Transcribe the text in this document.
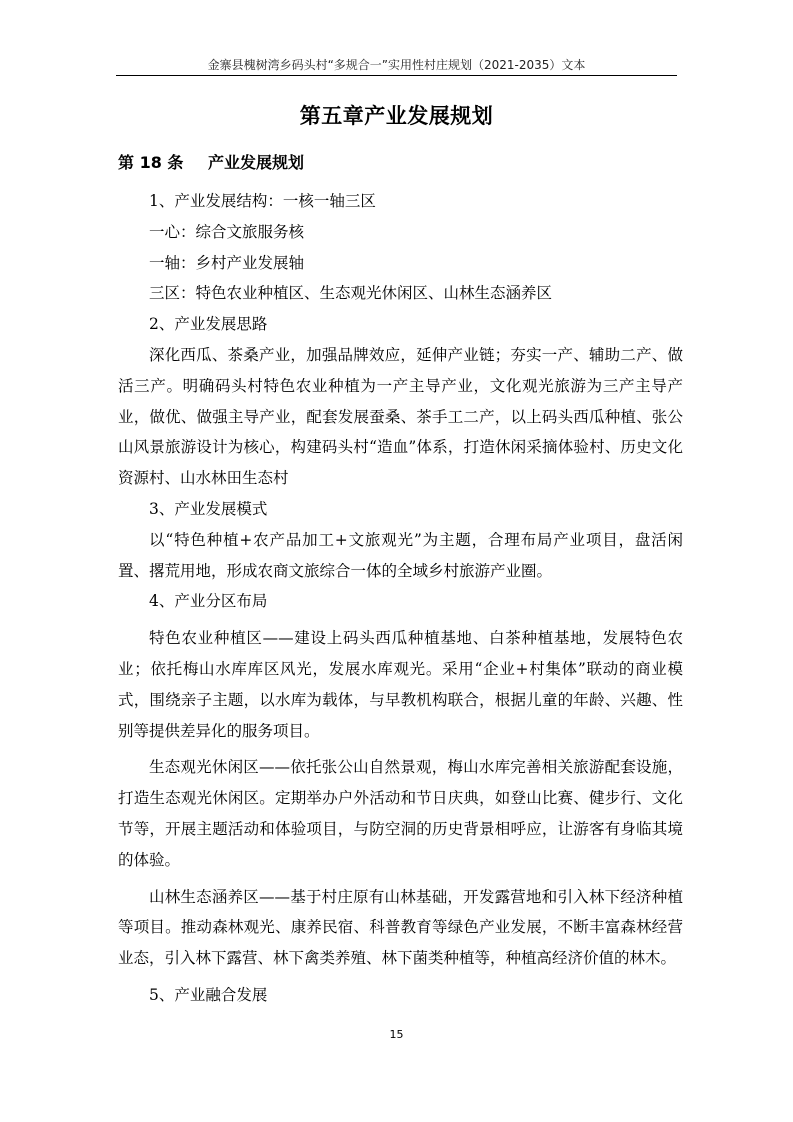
金寨县槐树湾乡码头村“多规合一”实用性村庄规划（2021-2035）文本
第五章产业发展规划
第 18 条 产业发展规划

1、产业发展结构：一核一轴三区

一心：综合文旅服务核

一轴：乡村产业发展轴

三区：特色农业种植区、生态观光休闲区、山林生态涵养区

2、产业发展思路

深化西瓜、茶桑产业，加强品牌效应，延伸产业链；夯实一产、辅助二产、做活三产。明确码头村特色农业种植为一产主导产业，文化观光旅游为三产主导产业，做优、做强主导产业，配套发展蚕桑、茶手工二产，以上码头西瓜种植、张公山风景旅游设计为核心，构建码头村“造血”体系，打造休闲采摘体验村、历史文化资源村、山水林田生态村

3、产业发展模式

以“特色种植+农产品加工+文旅观光”为主题，合理布局产业项目，盘活闲置、撂荒用地，形成农商文旅综合一体的全域乡村旅游产业圈。

4、产业分区布局

特色农业种植区——建设上码头西瓜种植基地、白茶种植基地，发展特色农业；依托梅山水库库区风光，发展水库观光。采用“企业+村集体”联动的商业模式，围绕亲子主题，以水库为载体，与早教机构联合，根据儿童的年龄、兴趣、性别等提供差异化的服务项目。

生态观光休闲区——依托张公山自然景观，梅山水库完善相关旅游配套设施，打造生态观光休闲区。定期举办户外活动和节日庆典，如登山比赛、健步行、文化节等，开展主题活动和体验项目，与防空洞的历史背景相呼应，让游客有身临其境的体验。

山林生态涵养区——基于村庄原有山林基础，开发露营地和引入林下经济种植等项目。推动森林观光、康养民宿、科普教育等绿色产业发展，不断丰富森林经营业态，引入林下露营、林下禽类养殖、林下菌类种植等，种植高经济价值的林木。

5、产业融合发展

15
